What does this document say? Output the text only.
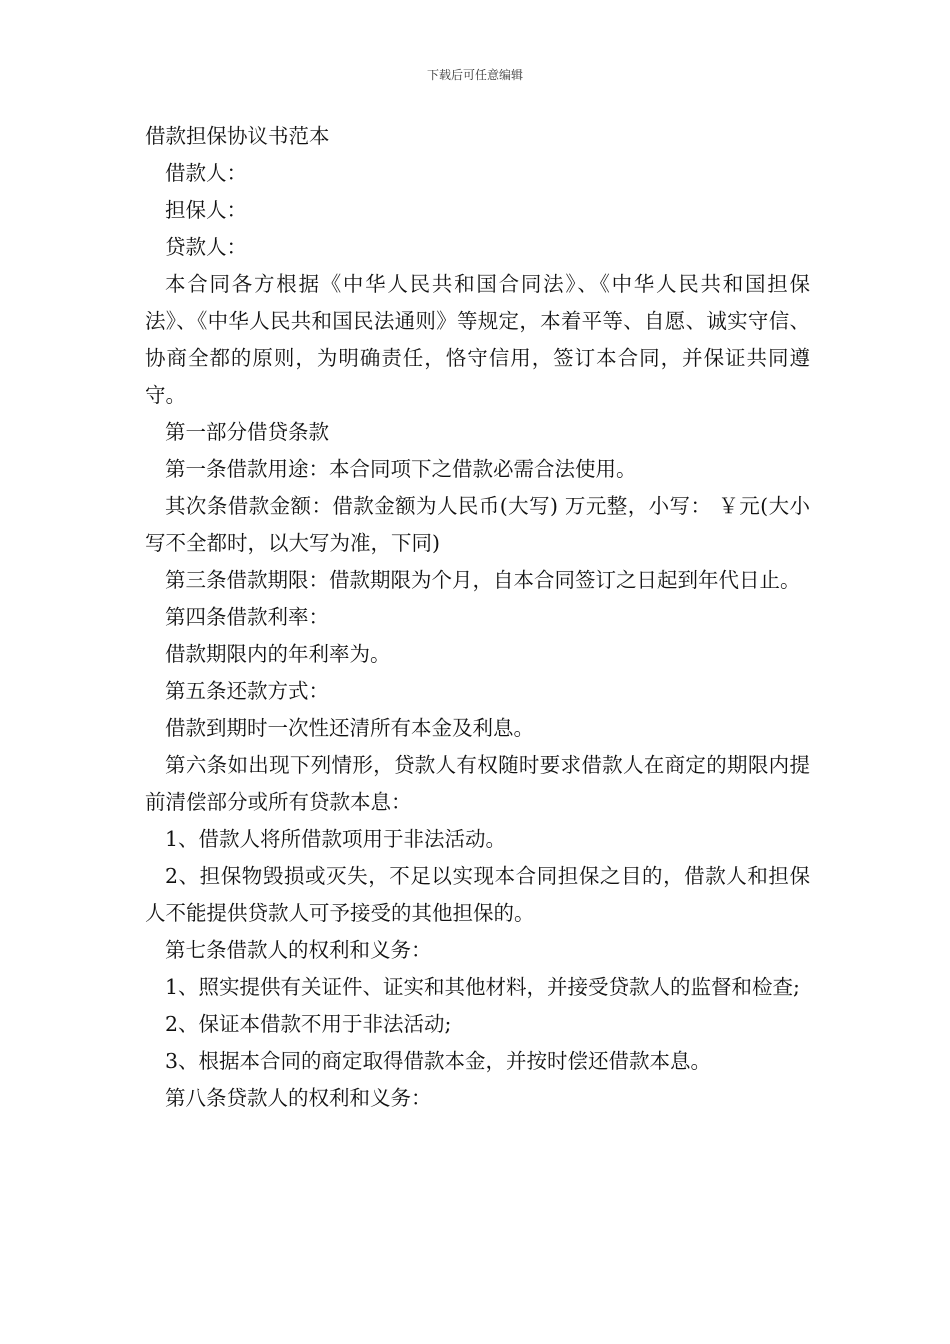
下载后可任意编辑

借款担保协议书范本

借款人：

担保人：

贷款人：

本合同各方根据《中华人民共和国合同法》、《中华人民共和国担保法》、《中华人民共和国民法通则》等规定，本着平等、自愿、诚实守信、协商全都的原则，为明确责任，恪守信用，签订本合同，并保证共同遵守。

第一部分借贷条款

第一条借款用途：本合同项下之借款必需合法使用。

其次条借款金额：借款金额为人民币(大写) 万元整，小写： ￥元(大小写不全都时，以大写为准，下同)

第三条借款期限：借款期限为个月，自本合同签订之日起到年代日止。

第四条借款利率：

借款期限内的年利率为。

第五条还款方式：

借款到期时一次性还清所有本金及利息。

第六条如出现下列情形，贷款人有权随时要求借款人在商定的期限内提前清偿部分或所有贷款本息：

1、借款人将所借款项用于非法活动。

2、担保物毁损或灭失，不足以实现本合同担保之目的，借款人和担保人不能提供贷款人可予接受的其他担保的。

第七条借款人的权利和义务：

1、照实提供有关证件、证实和其他材料，并接受贷款人的监督和检查;

2、保证本借款不用于非法活动;

3、根据本合同的商定取得借款本金，并按时偿还借款本息。

第八条贷款人的权利和义务：
